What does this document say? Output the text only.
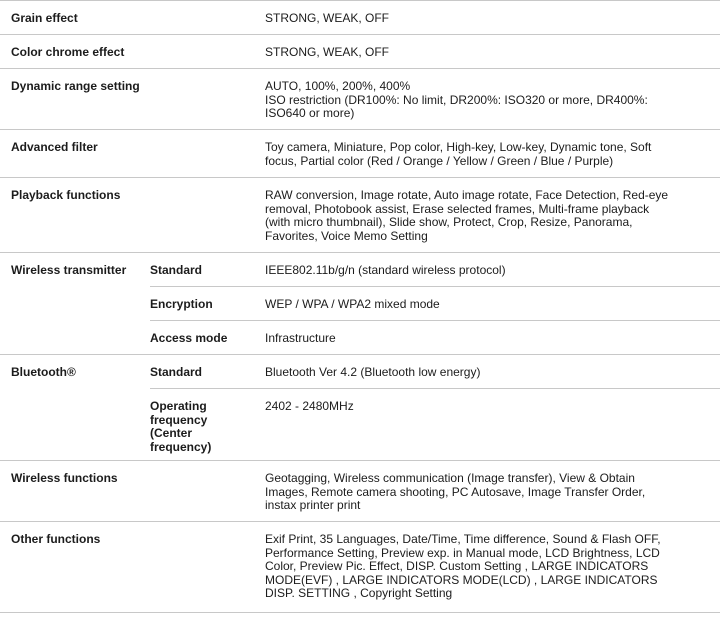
Grain effect		STRONG, WEAK, OFF

Color chrome effect		STRONG, WEAK, OFF

Dynamic range setting		AUTO, 100%, 200%, 400%
ISO restriction (DR100%: No limit, DR200%: ISO320 or more, DR400%:
ISO640 or more)

Advanced filter		Toy camera, Miniature, Pop color, High-key, Low-key, Dynamic tone, Soft
focus, Partial color (Red / Orange / Yellow / Green / Blue / Purple)

Playback functions		RAW conversion, Image rotate, Auto image rotate, Face Detection, Red-eye
removal, Photobook assist, Erase selected frames, Multi-frame playback
(with micro thumbnail), Slide show, Protect, Crop, Resize, Panorama,
Favorites, Voice Memo Setting

Wireless transmitter	Standard	IEEE802.11b/g/n (standard wireless protocol)

	Encryption	WEP / WPA / WPA2 mixed mode

	Access mode	Infrastructure

Bluetooth®	Standard	Bluetooth Ver 4.2 (Bluetooth low energy)

	Operating
frequency
(Center
frequency)	2402 - 2480MHz

Wireless functions		Geotagging, Wireless communication (Image transfer), View & Obtain
Images, Remote camera shooting, PC Autosave, Image Transfer Order,
instax printer print

Other functions		Exif Print, 35 Languages, Date/Time, Time difference, Sound & Flash OFF,
Performance Setting, Preview exp. in Manual mode, LCD Brightness, LCD
Color, Preview Pic. Effect, DISP. Custom Setting , LARGE INDICATORS
MODE(EVF) , LARGE INDICATORS MODE(LCD) , LARGE INDICATORS
DISP. SETTING , Copyright Setting
